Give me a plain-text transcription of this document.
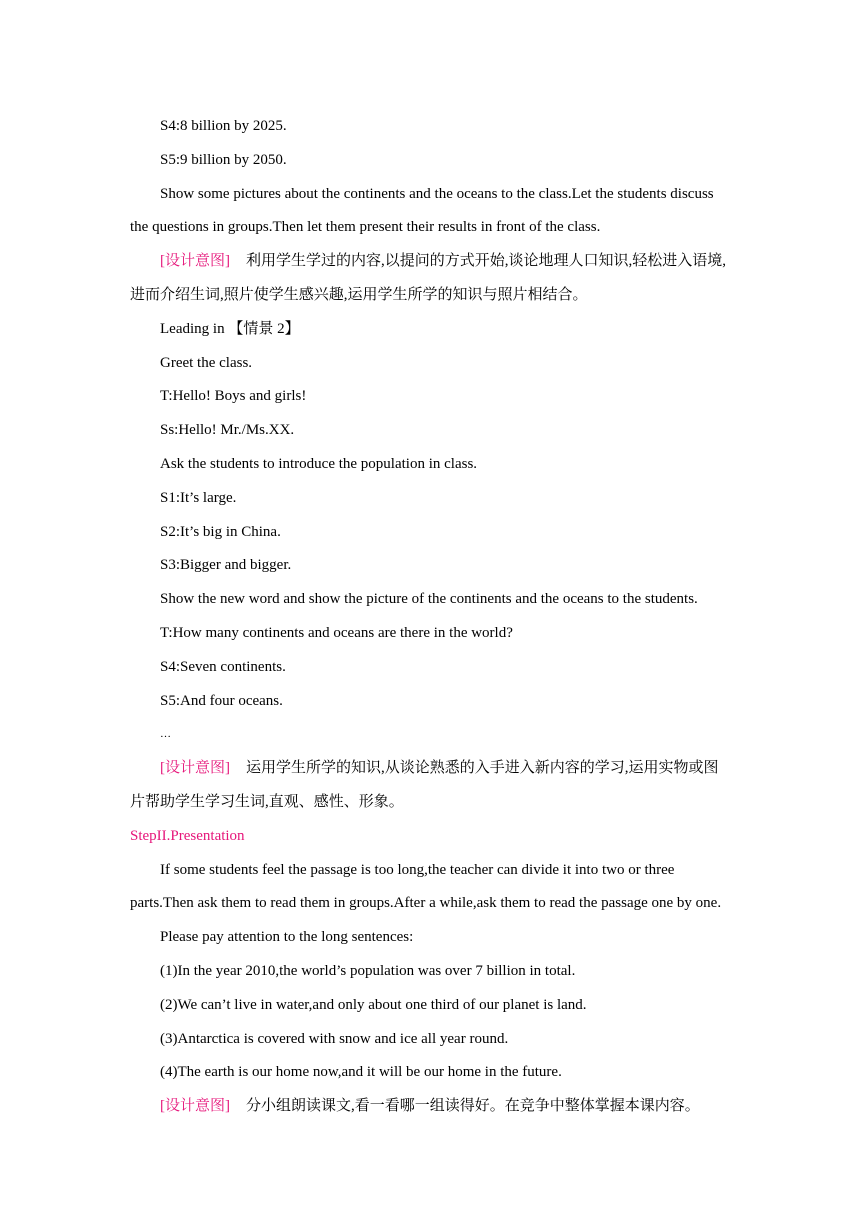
S4:8 billion by 2025.
S5:9 billion by 2050.
Show some pictures about the continents and the oceans to the class.Let the students discuss
the questions in groups.Then let them present their results in front of the class.
[设计意图] 利用学生学过的内容,以提问的方式开始,谈论地理人口知识,轻松进入语境,
进而介绍生词,照片使学生感兴趣,运用学生所学的知识与照片相结合。
Leading in 【情景 2】
Greet the class.
T:Hello! Boys and girls!
Ss:Hello! Mr./Ms.XX.
Ask the students to introduce the population in class.
S1:It’s large.
S2:It’s big in China.
S3:Bigger and bigger.
Show the new word and show the picture of the continents and the oceans to the students.
T:How many continents and oceans are there in the world?
S4:Seven continents.
S5:And four oceans.
…
[设计意图] 运用学生所学的知识,从谈论熟悉的入手进入新内容的学习,运用实物或图
片帮助学生学习生词,直观、感性、形象。
StepII.Presentation
If some students feel the passage is too long,the teacher can divide it into two or three
parts.Then ask them to read them in groups.After a while,ask them to read the passage one by one.
Please pay attention to the long sentences:
(1)In the year 2010,the world’s population was over 7 billion in total.
(2)We can’t live in water,and only about one third of our planet is land.
(3)Antarctica is covered with snow and ice all year round.
(4)The earth is our home now,and it will be our home in the future.
[设计意图] 分小组朗读课文,看一看哪一组读得好。在竞争中整体掌握本课内容。
